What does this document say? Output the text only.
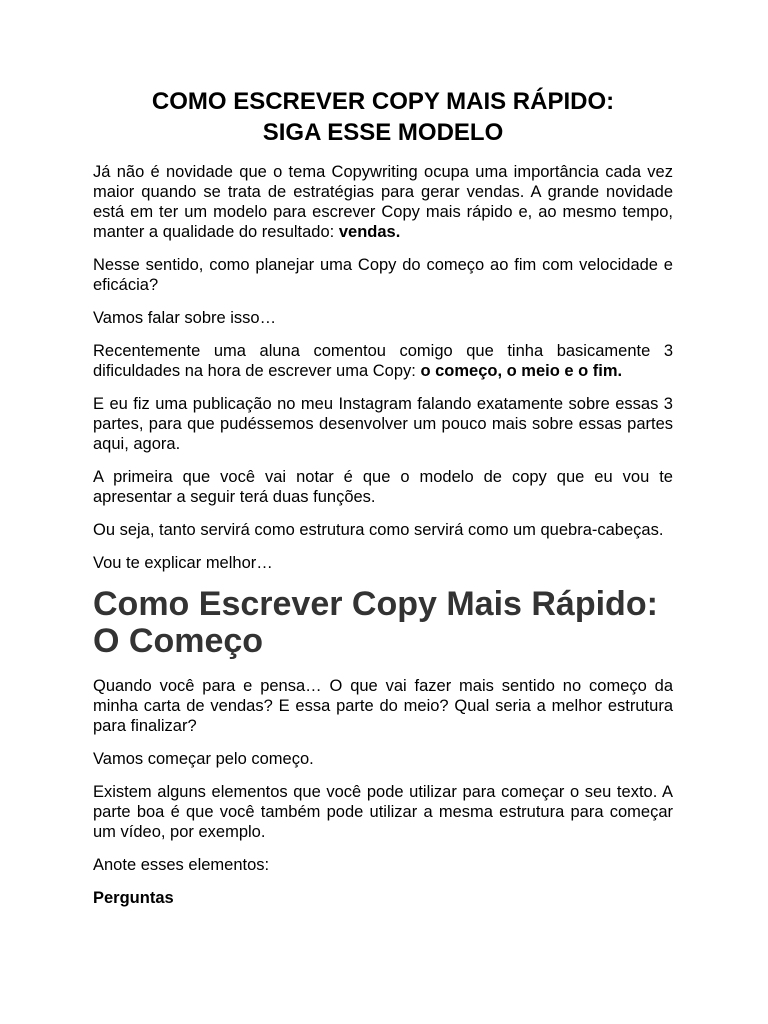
COMO ESCREVER COPY MAIS RÁPIDO:
SIGA ESSE MODELO

Já não é novidade que o tema Copywriting ocupa uma importância cada vez maior quando se trata de estratégias para gerar vendas. A grande novidade está em ter um modelo para escrever Copy mais rápido e, ao mesmo tempo, manter a qualidade do resultado: vendas.

Nesse sentido, como planejar uma Copy do começo ao fim com velocidade e eficácia?

Vamos falar sobre isso…

Recentemente uma aluna comentou comigo que tinha basicamente 3 dificuldades na hora de escrever uma Copy: o começo, o meio e o fim.

E eu fiz uma publicação no meu Instagram falando exatamente sobre essas 3 partes, para que pudéssemos desenvolver um pouco mais sobre essas partes aqui, agora.

A primeira que você vai notar é que o modelo de copy que eu vou te apresentar a seguir terá duas funções.

Ou seja, tanto servirá como estrutura como servirá como um quebra-cabeças.

Vou te explicar melhor…

Como Escrever Copy Mais Rápido:
O Começo

Quando você para e pensa… O que vai fazer mais sentido no começo da minha carta de vendas? E essa parte do meio? Qual seria a melhor estrutura para finalizar?

Vamos começar pelo começo.

Existem alguns elementos que você pode utilizar para começar o seu texto. A parte boa é que você também pode utilizar a mesma estrutura para começar um vídeo, por exemplo.

Anote esses elementos:

Perguntas
